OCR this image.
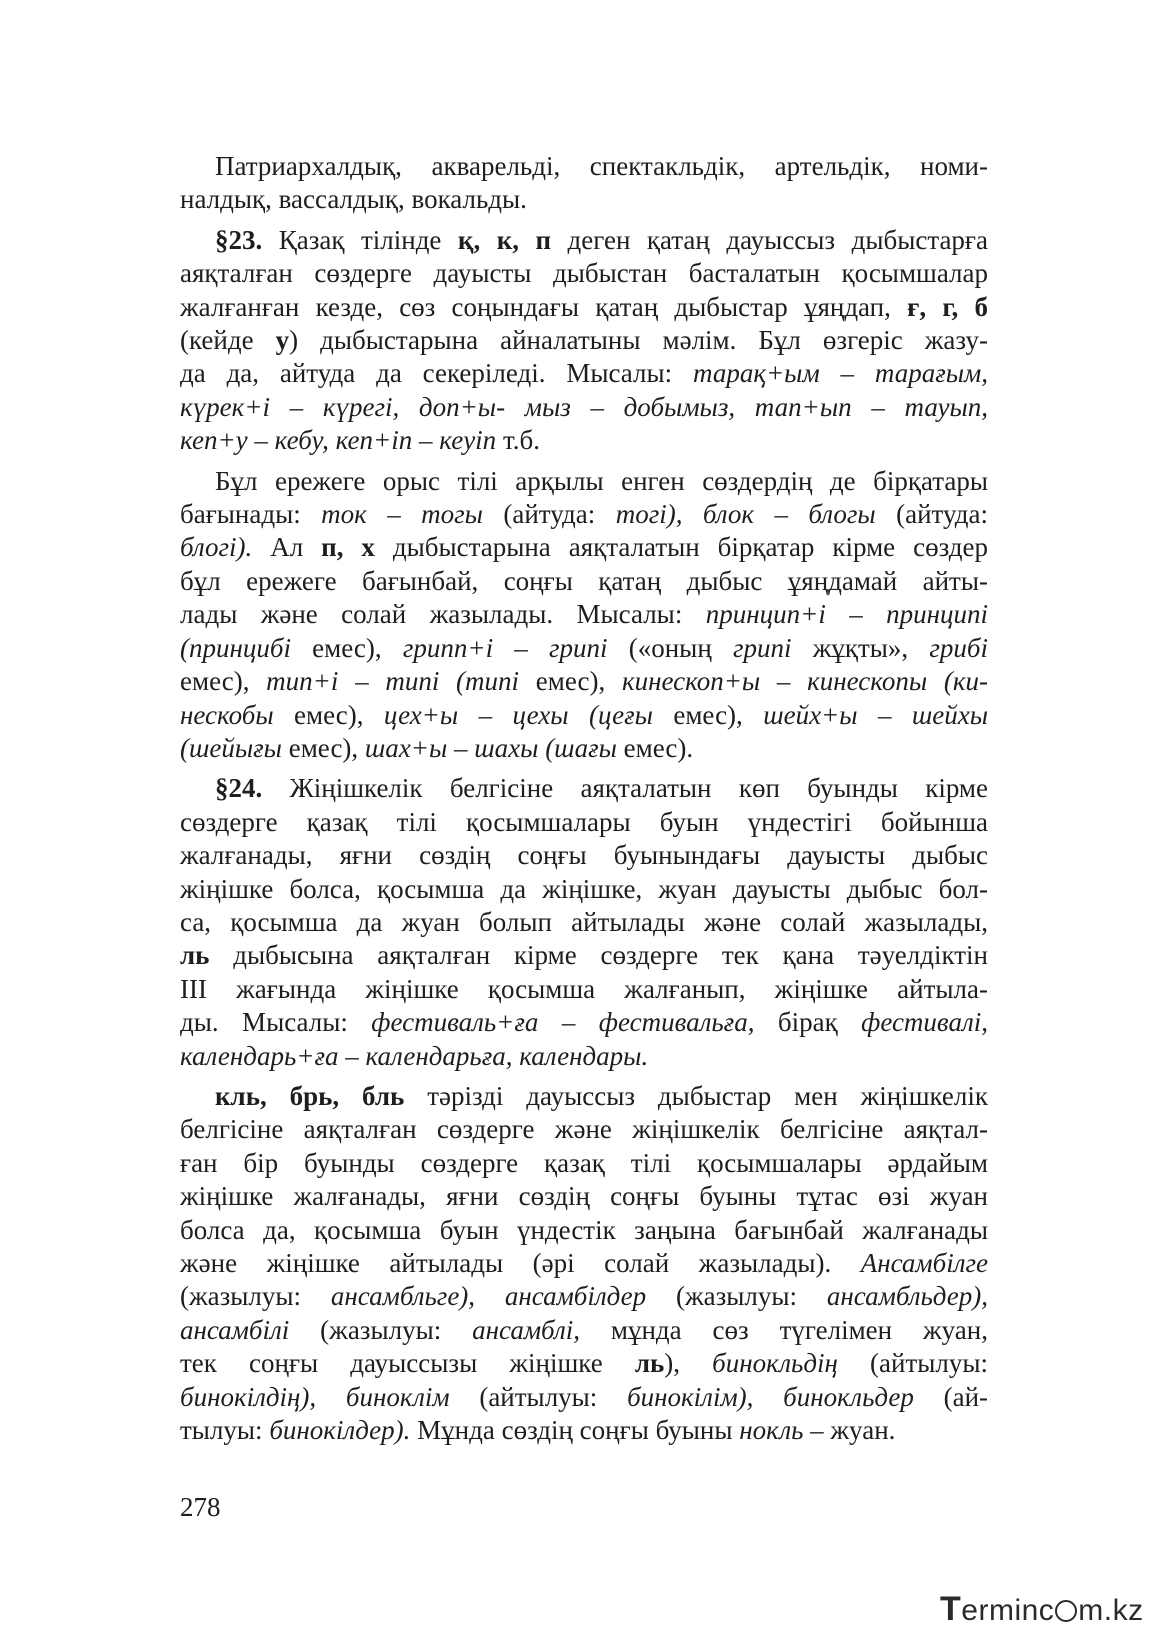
Патриархалдық, акварельді, спектакльдік, артельдік, номи-
налдық, вассалдық, вокальды.
§23. Қазақ тілінде қ, к, п деген қатаң дауыссыз дыбыстарға
аяқталған сөздерге дауысты дыбыстан басталатын қосымшалар
жалғанған кезде, сөз соңындағы қатаң дыбыстар ұяңдап, ғ, г, б
(кейде у) дыбыстарына айналатыны мәлім. Бұл өзгеріс жазу-
да да, айтуда да секеріледі. Мысалы: тарақ+ым – тарағым,
күрек+і – күрегі, доп+ы- мыз – добымыз, тап+ып – тауып,
кеп+у – кебу, кеп+іп – кеуіп т.б.
Бұл ережеге орыс тілі арқылы енген сөздердің де бірқатары
бағынады: ток – тогы (айтуда: тогі), блок – блогы (айтуда:
блогі). Ал п, х дыбыстарына аяқталатын бірқатар кірме сөздер
бұл ережеге бағынбай, соңғы қатаң дыбыс ұяңдамай айты-
лады және солай жазылады. Мысалы: принцип+і – принципі
(принцибі емес), грипп+і – грипі («оның грипі жұқты», грибі
емес), тип+і – типі (типі емес), кинескоп+ы – кинескопы (ки-
нескобы емес), цех+ы – цехы (цеғы емес), шейх+ы – шейхы
(шейығы емес), шах+ы – шахы (шағы емес).
§24. Жіңішкелік белгісіне аяқталатын көп буынды кірме
сөздерге қазақ тілі қосымшалары буын үндестігі бойынша
жалғанады, яғни сөздің соңғы буынындағы дауысты дыбыс
жіңішке болса, қосымша да жіңішке, жуан дауысты дыбыс бол-
са, қосымша да жуан болып айтылады және солай жазылады,
ль дыбысына аяқталған кірме сөздерге тек қана тәуелдіктін
ІІІ жағында жіңішке қосымша жалғанып, жіңішке айтыла-
ды. Мысалы: фестиваль+ға – фестивальға, бірақ фестивалі,
календарь+ға – календарьға, календары.
кль, брь, бль тәрізді дауыссыз дыбыстар мен жіңішкелік
белгісіне аяқталған сөздерге және жіңішкелік белгісіне аяқтал-
ған бір буынды сөздерге қазақ тілі қосымшалары әрдайым
жіңішке жалғанады, яғни сөздің соңғы буыны тұтас өзі жуан
болса да, қосымша буын үндестік заңына бағынбай жалғанады
және жіңішке айтылады (әрі солай жазылады). Ансамбілге
(жазылуы: ансамбльге), ансамбілдер (жазылуы: ансамбльдер),
ансамбілі (жазылуы: ансамблі, мұнда сөз түгелімен жуан,
тек соңғы дауыссызы жіңішке ль), бинокльдің (айтылуы:
бинокілдің), биноклім (айтылуы: бинокілім), бинокльдер (ай-
тылуы: бинокілдер). Мұнда сөздің соңғы буыны нокль – жуан.
278
Terminc m.kz
